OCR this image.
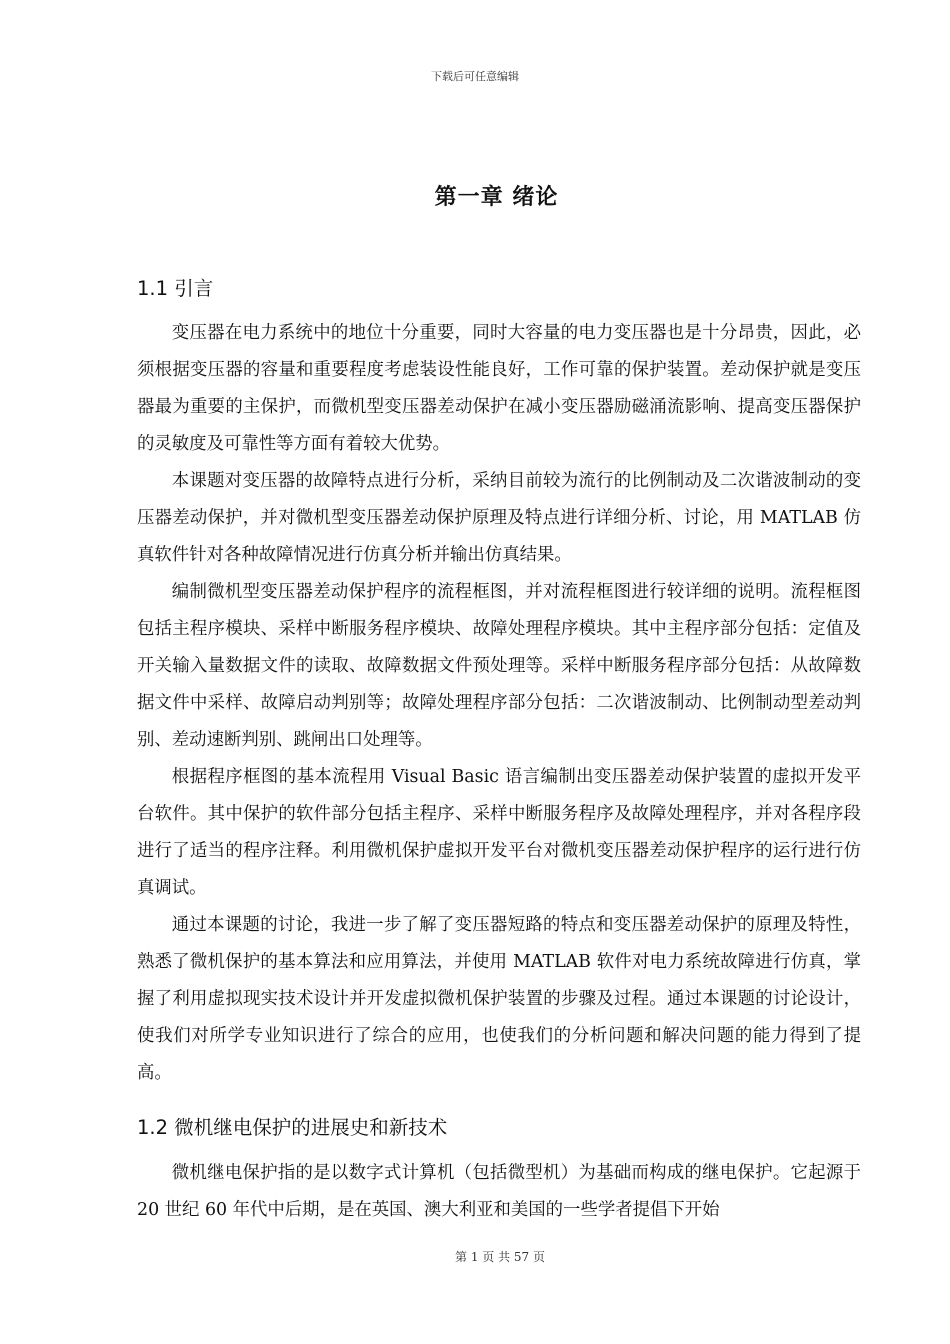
下载后可任意编辑
第一章 绪论
1.1 引言

变压器在电力系统中的地位十分重要，同时大容量的电力变压器也是十分昂贵，因此，必须根据变压器的容量和重要程度考虑装设性能良好，工作可靠的保护装置。差动保护就是变压器最为重要的主保护，而微机型变压器差动保护在减小变压器励磁涌流影响、提高变压器保护的灵敏度及可靠性等方面有着较大优势。

本课题对变压器的故障特点进行分析，采纳目前较为流行的比例制动及二次谐波制动的变压器差动保护，并对微机型变压器差动保护原理及特点进行详细分析、讨论，用 MATLAB 仿真软件针对各种故障情况进行仿真分析并输出仿真结果。

编制微机型变压器差动保护程序的流程框图，并对流程框图进行较详细的说明。流程框图包括主程序模块、采样中断服务程序模块、故障处理程序模块。其中主程序部分包括：定值及开关输入量数据文件的读取、故障数据文件预处理等。采样中断服务程序部分包括：从故障数据文件中采样、故障启动判别等；故障处理程序部分包括：二次谐波制动、比例制动型差动判别、差动速断判别、跳闸出口处理等。

根据程序框图的基本流程用 Visual Basic 语言编制出变压器差动保护装置的虚拟开发平台软件。其中保护的软件部分包括主程序、采样中断服务程序及故障处理程序，并对各程序段进行了适当的程序注释。利用微机保护虚拟开发平台对微机变压器差动保护程序的运行进行仿真调试。

通过本课题的讨论，我进一步了解了变压器短路的特点和变压器差动保护的原理及特性，熟悉了微机保护的基本算法和应用算法，并使用 MATLAB 软件对电力系统故障进行仿真，掌握了利用虚拟现实技术设计并开发虚拟微机保护装置的步骤及过程。通过本课题的讨论设计，使我们对所学专业知识进行了综合的应用，也使我们的分析问题和解决问题的能力得到了提高。

1.2 微机继电保护的进展史和新技术

微机继电保护指的是以数字式计算机（包括微型机）为基础而构成的继电保护。它起源于 20 世纪 60 年代中后期，是在英国、澳大利亚和美国的一些学者提倡下开始

第 1 页 共 57 页
